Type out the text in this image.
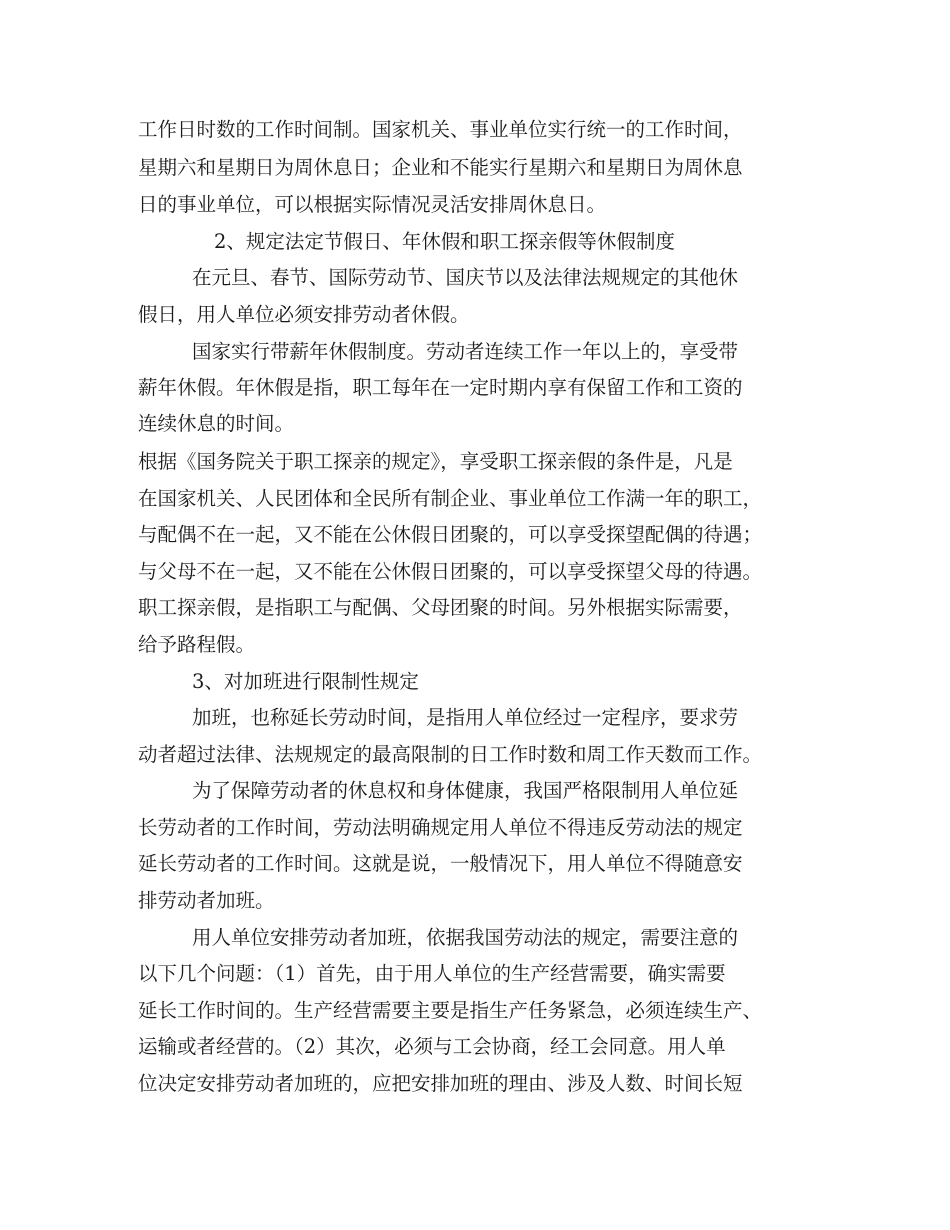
工作日时数的工作时间制。国家机关、事业单位实行统一的工作时间，

星期六和星期日为周休息日；企业和不能实行星期六和星期日为周休息

日的事业单位，可以根据实际情况灵活安排周休息日。

2、规定法定节假日、年休假和职工探亲假等休假制度

在元旦、春节、国际劳动节、国庆节以及法律法规规定的其他休

假日，用人单位必须安排劳动者休假。

国家实行带薪年休假制度。劳动者连续工作一年以上的，享受带

薪年休假。年休假是指，职工每年在一定时期内享有保留工作和工资的

连续休息的时间。

根据《国务院关于职工探亲的规定》，享受职工探亲假的条件是，凡是

在国家机关、人民团体和全民所有制企业、事业单位工作满一年的职工，

与配偶不在一起，又不能在公休假日团聚的，可以享受探望配偶的待遇；

与父母不在一起，又不能在公休假日团聚的，可以享受探望父母的待遇。

职工探亲假，是指职工与配偶、父母团聚的时间。另外根据实际需要，

给予路程假。

3、对加班进行限制性规定

加班，也称延长劳动时间，是指用人单位经过一定程序，要求劳

动者超过法律、法规规定的最高限制的日工作时数和周工作天数而工作。

为了保障劳动者的休息权和身体健康，我国严格限制用人单位延

长劳动者的工作时间，劳动法明确规定用人单位不得违反劳动法的规定

延长劳动者的工作时间。这就是说，一般情况下，用人单位不得随意安

排劳动者加班。

用人单位安排劳动者加班，依据我国劳动法的规定，需要注意的

以下几个问题：（1）首先，由于用人单位的生产经营需要，确实需要

延长工作时间的。生产经营需要主要是指生产任务紧急，必须连续生产、

运输或者经营的。（2）其次，必须与工会协商，经工会同意。用人单

位决定安排劳动者加班的，应把安排加班的理由、涉及人数、时间长短
